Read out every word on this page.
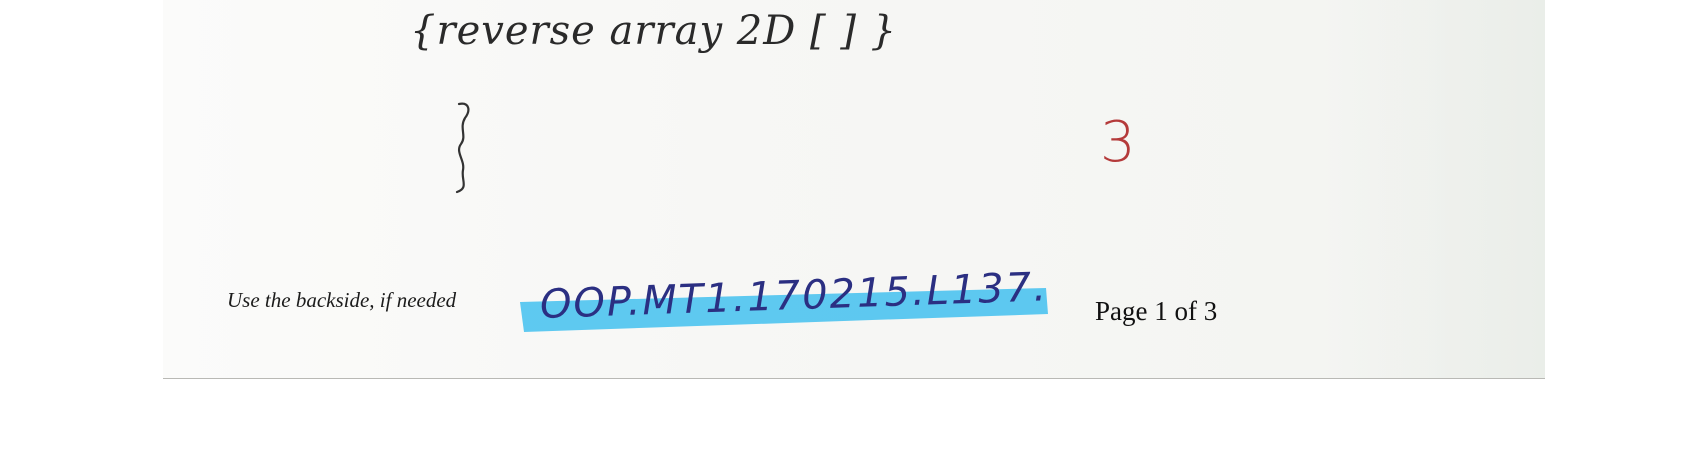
{reverse array 2D [ ] }
3
Use the backside, if needed OOP.MT1.170215.L137. Page 1 of 3
